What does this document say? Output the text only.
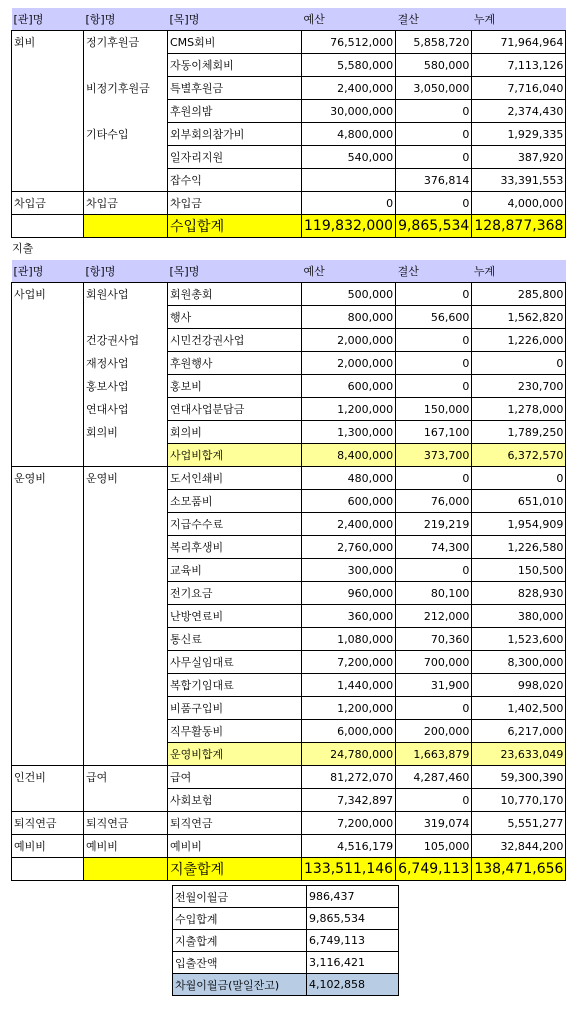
[관]명	[항]명	[목]명	예산	결산	누계
회비	정기후원금	CMS회비	76,512,000	5,858,720	71,964,964
		자동이체회비	5,580,000	580,000	7,113,126
	비정기후원금	특별후원금	2,400,000	3,050,000	7,716,040
		후원의밤	30,000,000	0	2,374,430
	기타수입	외부회의참가비	4,800,000	0	1,929,335
		일자리지원	540,000	0	387,920
		잡수익		376,814	33,391,553
차입금	차입금	차입금	0	0	4,000,000
		수입합계	119,832,000	9,865,534	128,877,368
지출
[관]명	[항]명	[목]명	예산	결산	누계
사업비	회원사업	회원총회	500,000	0	285,800
		행사	800,000	56,600	1,562,820
	건강권사업	시민건강권사업	2,000,000	0	1,226,000
	재정사업	후원행사	2,000,000	0	0
	홍보사업	홍보비	600,000	0	230,700
	연대사업	연대사업분담금	1,200,000	150,000	1,278,000
	회의비	회의비	1,300,000	167,100	1,789,250
		사업비합계	8,400,000	373,700	6,372,570
운영비	운영비	도서인쇄비	480,000	0	0
		소모품비	600,000	76,000	651,010
		지급수수료	2,400,000	219,219	1,954,909
		복리후생비	2,760,000	74,300	1,226,580
		교육비	300,000	0	150,500
		전기요금	960,000	80,100	828,930
		난방연료비	360,000	212,000	380,000
		통신료	1,080,000	70,360	1,523,600
		사무실임대료	7,200,000	700,000	8,300,000
		복합기임대료	1,440,000	31,900	998,020
		비품구입비	1,200,000	0	1,402,500
		직무활동비	6,000,000	200,000	6,217,000
		운영비합계	24,780,000	1,663,879	23,633,049
인건비	급여	급여	81,272,070	4,287,460	59,300,390
		사회보험	7,342,897	0	10,770,170
퇴직연금	퇴직연금	퇴직연금	7,200,000	319,074	5,551,277
예비비	예비비	예비비	4,516,179	105,000	32,844,200
		지출합계	133,511,146	6,749,113	138,471,656
전월이월금	986,437
수입합계	9,865,534
지출합계	6,749,113
입출잔액	3,116,421
차월이월금(말일잔고)	4,102,858
